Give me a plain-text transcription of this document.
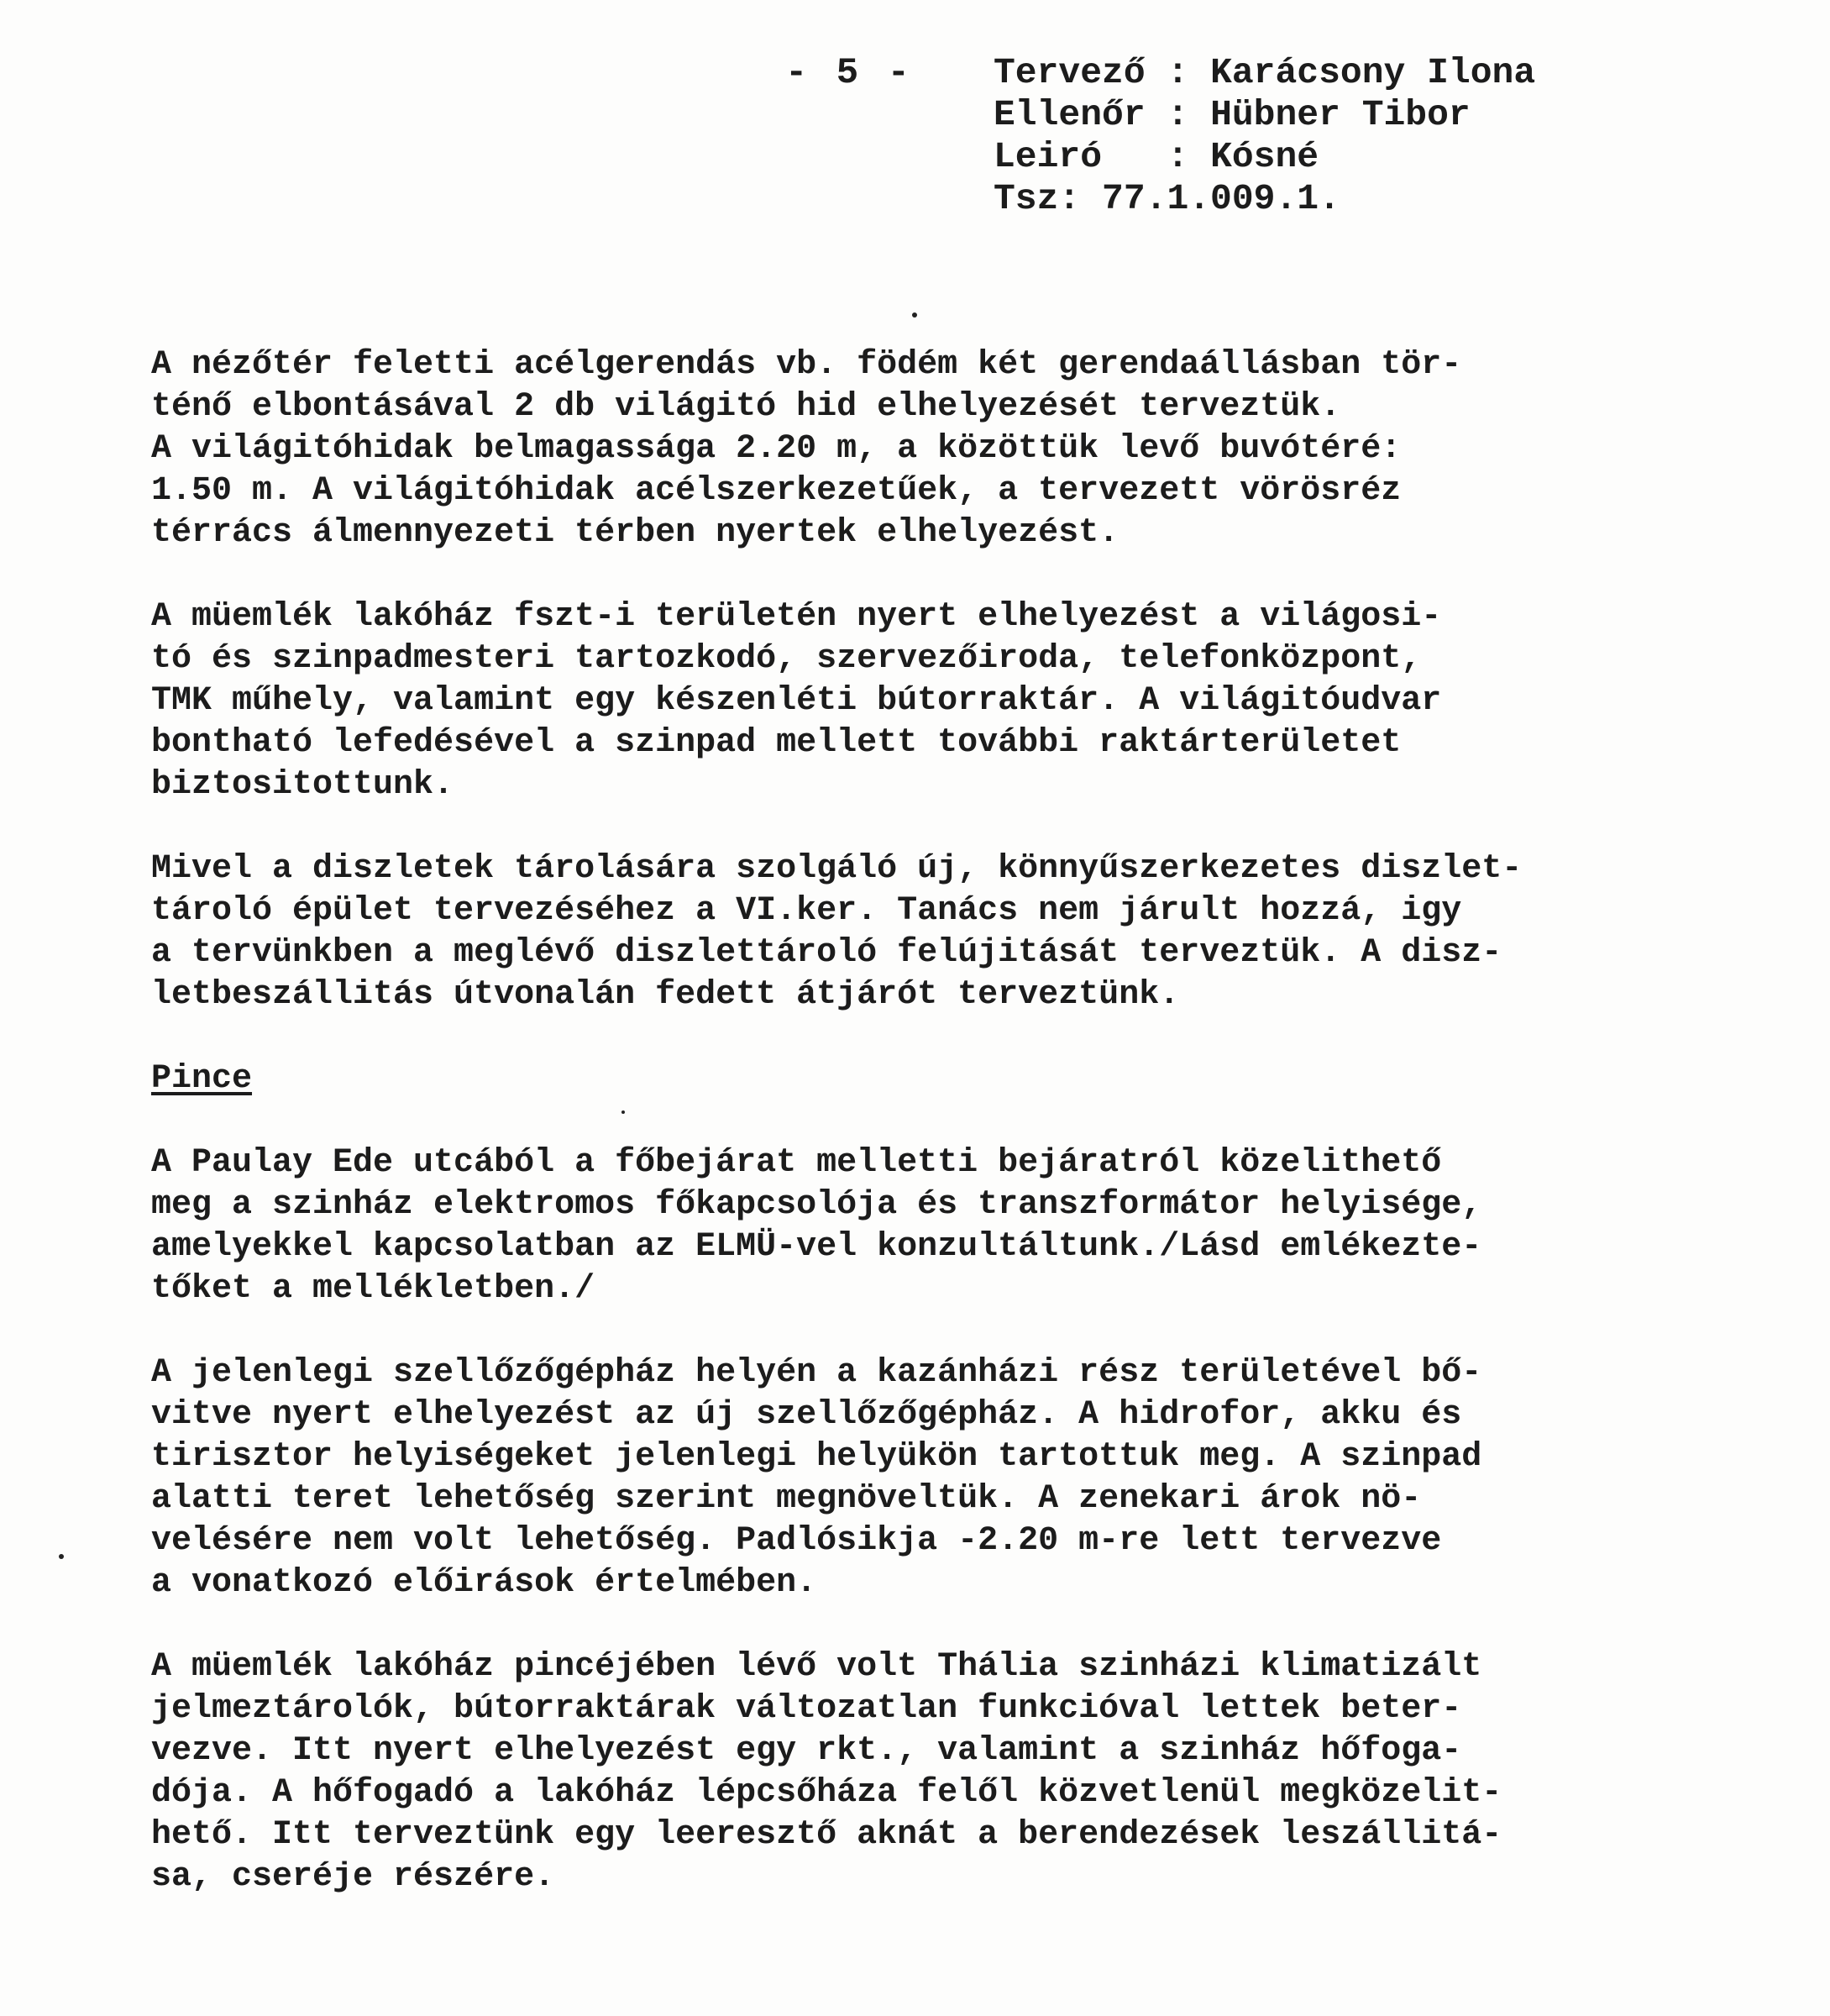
- 5 - Tervező : Karácsony Ilona
Ellenőr : Hübner Tibor
Leiró   : Kósné
Tsz: 77.1.009.1.
A nézőtér feletti acélgerendás vb. födém két gerendaállásban tör-
ténő elbontásával 2 db világitó hid elhelyezését terveztük.
A világitóhidak belmagassága 2.20 m, a közöttük levő buvótéré:
1.50 m. A világitóhidak acélszerkezetűek, a tervezett vörösréz
térrács álmennyezeti térben nyertek elhelyezést.
A müemlék lakóház fszt-i területén nyert elhelyezést a világosi-
tó és szinpadmesteri tartozkodó, szervezőiroda, telefonközpont,
TMK műhely, valamint egy készenléti bútorraktár. A világitóudvar
bontható lefedésével a szinpad mellett további raktárterületet
biztositottunk.
Mivel a diszletek tárolására szolgáló új, könnyűszerkezetes diszlet-
tároló épület tervezéséhez a VI.ker. Tanács nem járult hozzá, igy
a tervünkben a meglévő diszlettároló felújitását terveztük. A disz-
letbeszállitás útvonalán fedett átjárót terveztünk.
Pince
A Paulay Ede utcából a főbejárat melletti bejáratról közelithető
meg a szinház elektromos főkapcsolója és transzformátor helyisége,
amelyekkel kapcsolatban az ELMÜ-vel konzultáltunk./Lásd emlékezte-
tőket a mellékletben./
A jelenlegi szellőzőgépház helyén a kazánházi rész területével bő-
vitve nyert elhelyezést az új szellőzőgépház. A hidrofor, akku és
tirisztor helyiségeket jelenlegi helyükön tartottuk meg. A szinpad
alatti teret lehetőség szerint megnöveltük. A zenekari árok nö-
velésére nem volt lehetőség. Padlósikja -2.20 m-re lett tervezve
a vonatkozó előirások értelmében.
A müemlék lakóház pincéjében lévő volt Thália szinházi klimatizált
jelmeztárolók, bútorraktárak változatlan funkcióval lettek beter-
vezve. Itt nyert elhelyezést egy rkt., valamint a szinház hőfoga-
dója. A hőfogadó a lakóház lépcsőháza felől közvetlenül megközelit-
hető. Itt terveztünk egy leeresztő aknát a berendezések leszállitá-
sa, cseréje részére.
